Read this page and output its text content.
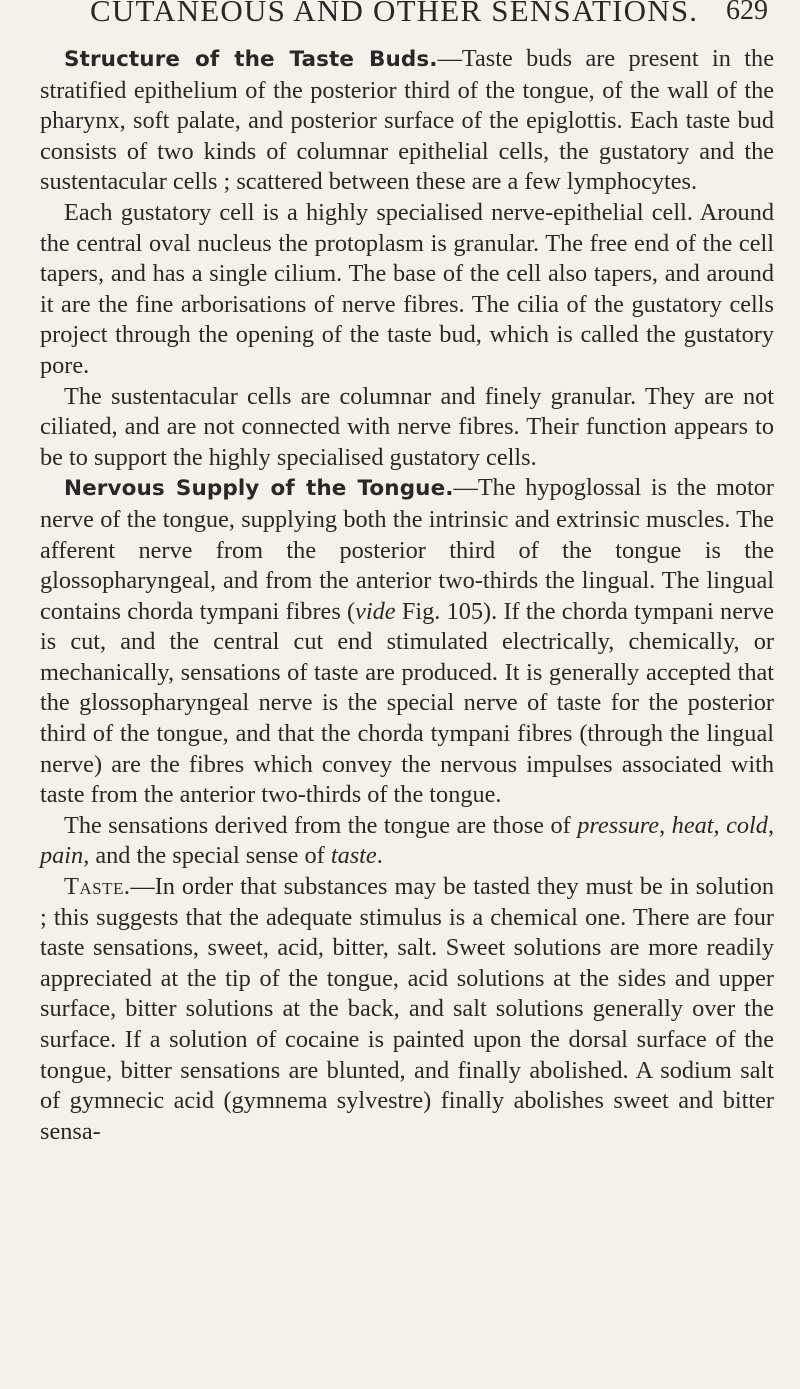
CUTANEOUS AND OTHER SENSATIONS. 629

Structure of the Taste Buds.—Taste buds are present in the stratified epithelium of the posterior third of the tongue, of the wall of the pharynx, soft palate, and posterior surface of the epiglottis. Each taste bud consists of two kinds of columnar epithelial cells, the gustatory and the sustentacular cells ; scattered between these are a few lymphocytes.

Each gustatory cell is a highly specialised nerve-epithelial cell. Around the central oval nucleus the protoplasm is granular. The free end of the cell tapers, and has a single cilium. The base of the cell also tapers, and around it are the fine arborisations of nerve fibres. The cilia of the gustatory cells project through the opening of the taste bud, which is called the gustatory pore.

The sustentacular cells are columnar and finely granular. They are not ciliated, and are not connected with nerve fibres. Their function appears to be to support the highly specialised gustatory cells.

Nervous Supply of the Tongue.—The hypoglossal is the motor nerve of the tongue, supplying both the intrinsic and extrinsic muscles. The afferent nerve from the posterior third of the tongue is the glossopharyngeal, and from the anterior two-thirds the lingual. The lingual contains chorda tympani fibres (vide Fig. 105). If the chorda tympani nerve is cut, and the central cut end stimulated electrically, chemically, or mechanically, sensations of taste are produced. It is generally accepted that the glossopharyngeal nerve is the special nerve of taste for the posterior third of the tongue, and that the chorda tympani fibres (through the lingual nerve) are the fibres which convey the nervous impulses associated with taste from the anterior two-thirds of the tongue.

The sensations derived from the tongue are those of pressure, heat, cold, pain, and the special sense of taste.

Taste.—In order that substances may be tasted they must be in solution ; this suggests that the adequate stimulus is a chemical one. There are four taste sensations, sweet, acid, bitter, salt. Sweet solutions are more readily appreciated at the tip of the tongue, acid solutions at the sides and upper surface, bitter solutions at the back, and salt solutions generally over the surface. If a solution of cocaine is painted upon the dorsal surface of the tongue, bitter sensations are blunted, and finally abolished. A sodium salt of gymnecic acid (gymnema sylvestre) finally abolishes sweet and bitter sensa-
